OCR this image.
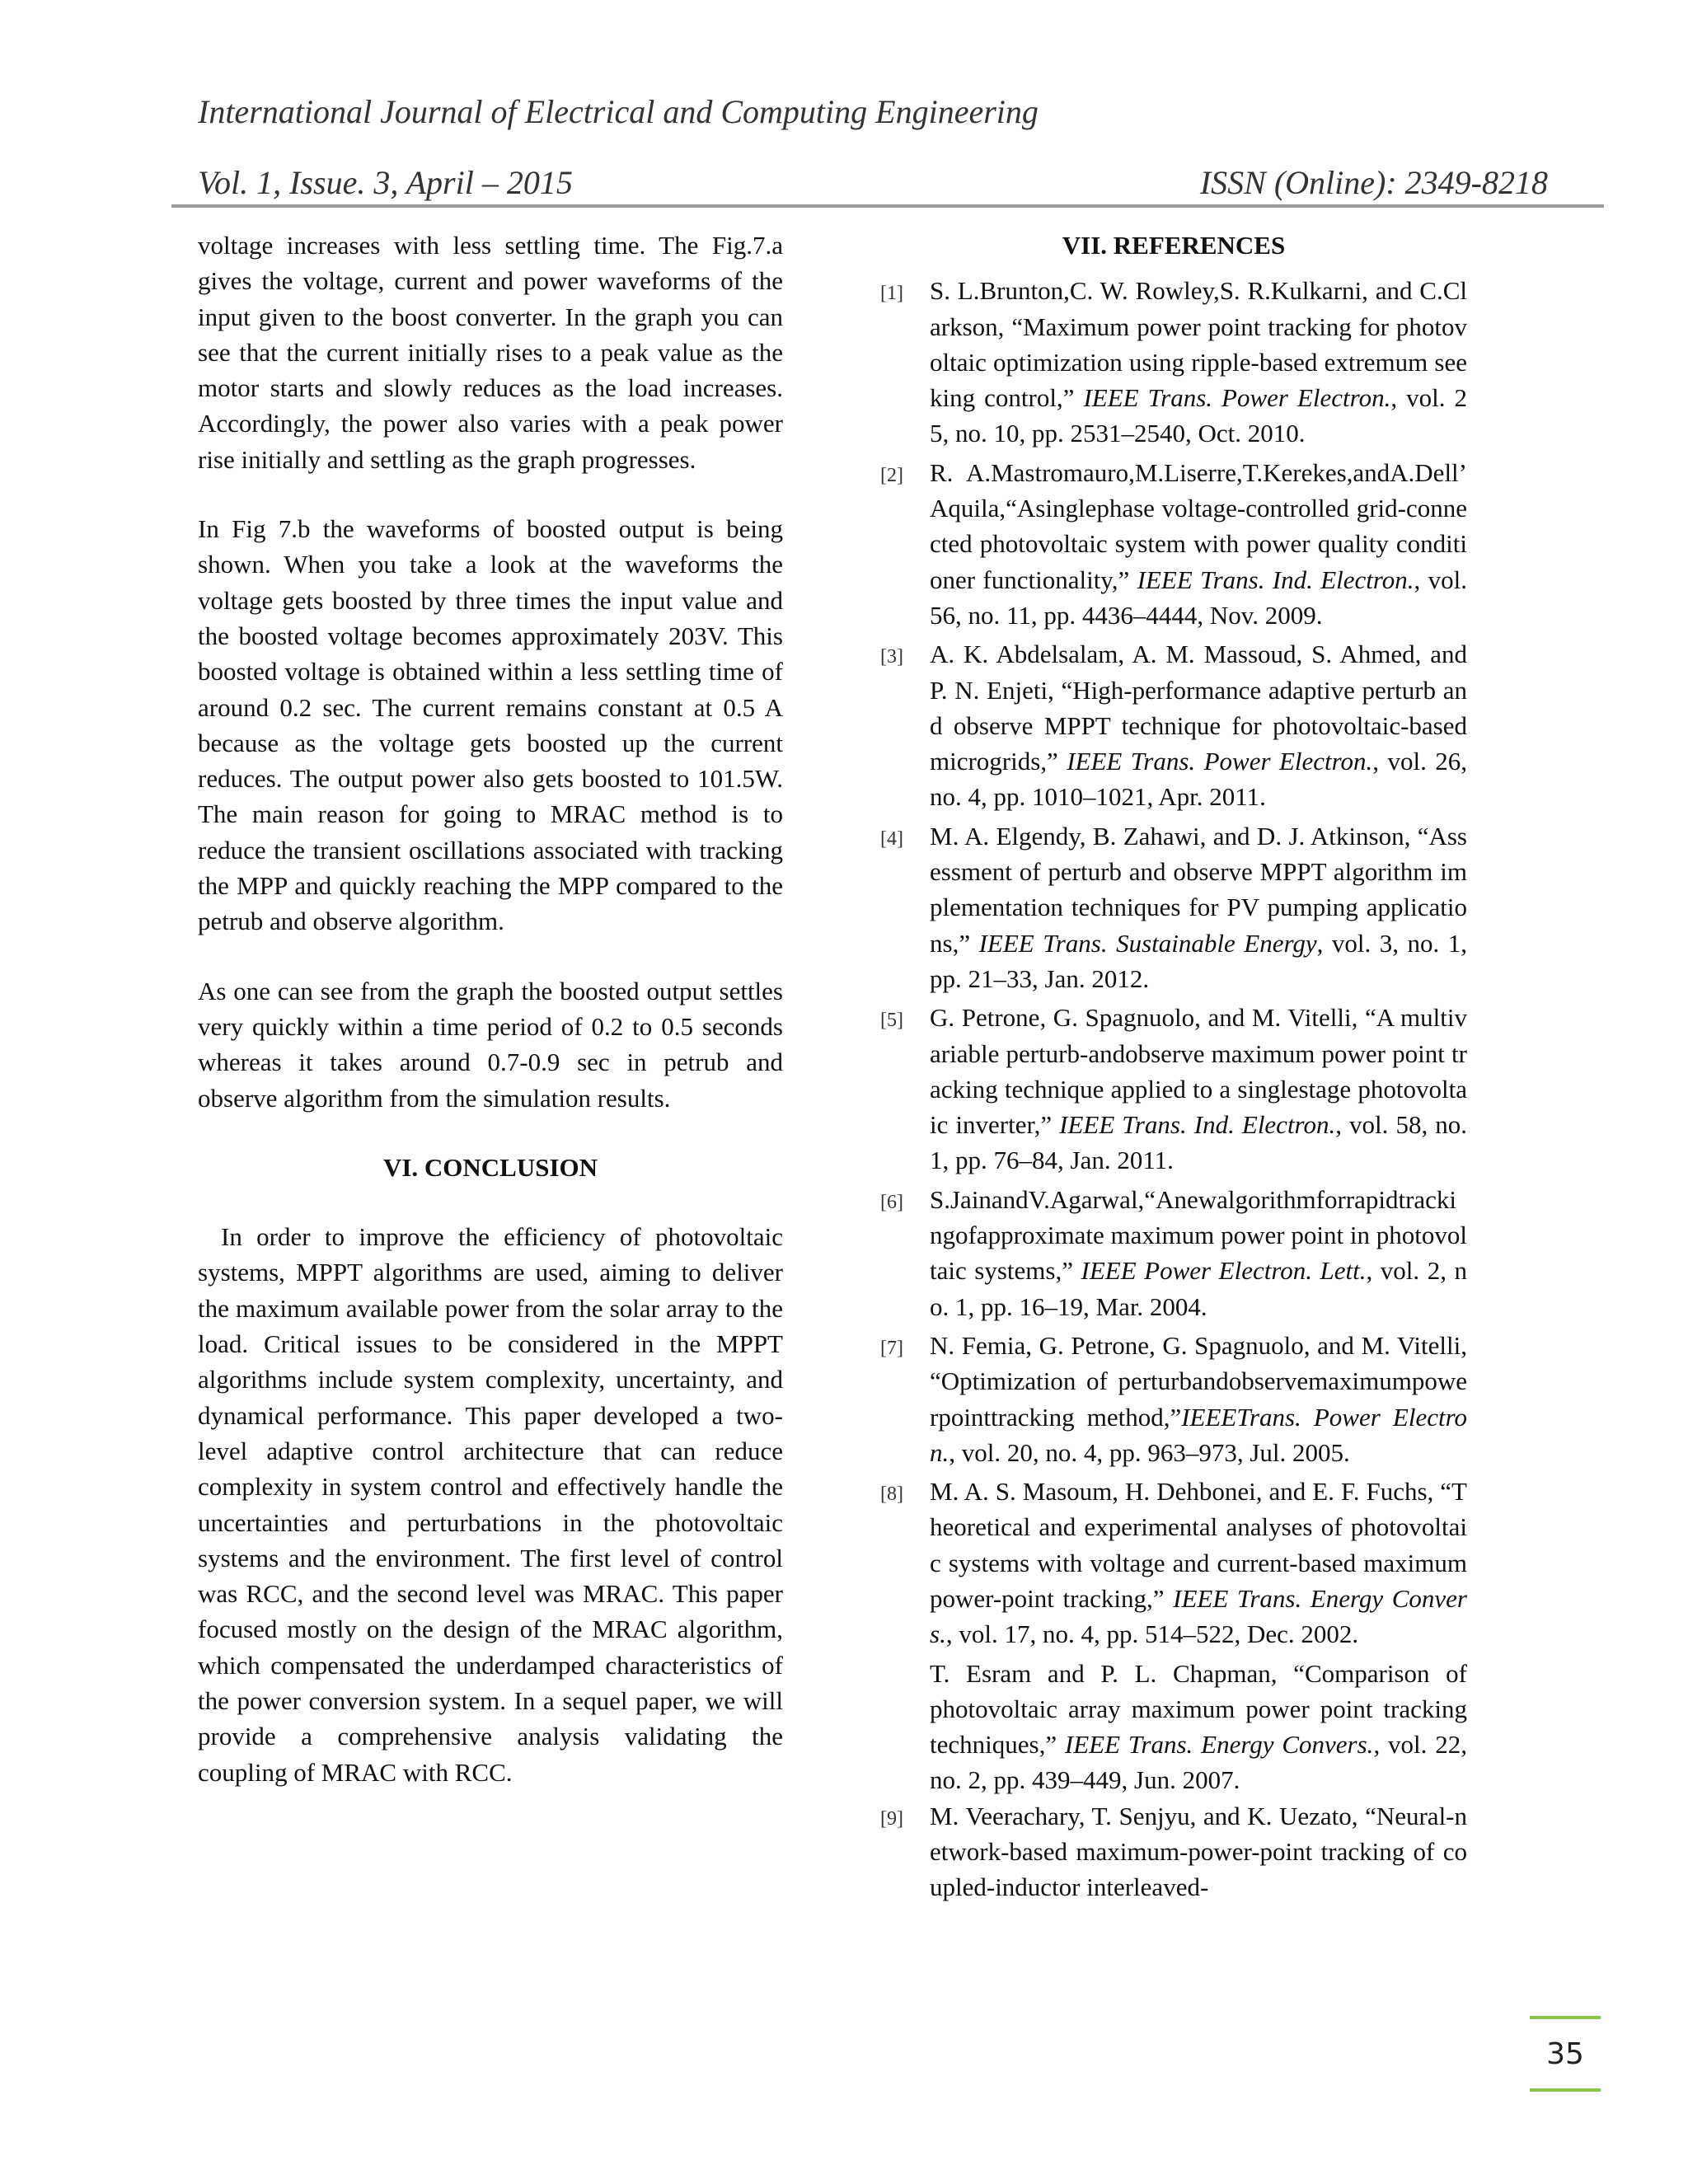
International Journal of Electrical and Computing Engineering
Vol. 1, Issue. 3, April – 2015	ISSN (Online): 2349-8218

voltage increases with less settling time. The Fig.7.a gives the voltage, current and power waveforms of the input given to the boost converter. In the graph you can see that the current initially rises to a peak value as the motor starts and slowly reduces as the load increases. Accordingly, the power also varies with a peak power rise initially and settling as the graph progresses.

In Fig 7.b the waveforms of boosted output is being shown. When you take a look at the waveforms the voltage gets boosted by three times the input value and the boosted voltage becomes approximately 203V. This boosted voltage is obtained within a less settling time of around 0.2 sec. The current remains constant at 0.5 A because as the voltage gets boosted up the current reduces. The output power also gets boosted to 101.5W. The main reason for going to MRAC method is to reduce the transient oscillations associated with tracking the MPP and quickly reaching the MPP compared to the petrub and observe algorithm.

As one can see from the graph the boosted output settles very quickly within a time period of 0.2 to 0.5 seconds whereas it takes around 0.7-0.9 sec in petrub and observe algorithm from the simulation results.

VI. CONCLUSION

In order to improve the efficiency of photovoltaic systems, MPPT algorithms are used, aiming to deliver the maximum available power from the solar array to the load. Critical issues to be considered in the MPPT algorithms include system complexity, uncertainty, and dynamical performance. This paper developed a two-level adaptive control architecture that can reduce complexity in system control and effectively handle the uncertainties and perturbations in the photovoltaic systems and the environment. The first level of control was RCC, and the second level was MRAC. This paper focused mostly on the design of the MRAC algorithm, which compensated the underdamped characteristics of the power conversion system. In a sequel paper, we will provide a comprehensive analysis validating the coupling of MRAC with RCC.

VII. REFERENCES
[1]	S. L.Brunton,C. W. Rowley,S. R.Kulkarni, and C.Clarkson, “Maximum power point tracking for photovoltaic optimization using ripple-based extremum seeking control,” IEEE Trans. Power Electron., vol. 25, no. 10, pp. 2531–2540, Oct. 2010.
[2]	R. A.Mastromauro,M.Liserre,T.Kerekes,andA.Dell’ Aquila,“Asinglephase voltage-controlled grid-connected photovoltaic system with power quality conditioner functionality,” IEEE Trans. Ind. Electron., vol. 56, no. 11, pp. 4436–4444, Nov. 2009.
[3]	A. K. Abdelsalam, A. M. Massoud, S. Ahmed, and P. N. Enjeti, “High-performance adaptive perturb and observe MPPT technique for photovoltaic-based microgrids,” IEEE Trans. Power Electron., vol. 26, no. 4, pp. 1010–1021, Apr. 2011.
[4]	M. A. Elgendy, B. Zahawi, and D. J. Atkinson, “Assessment of perturb and observe MPPT algorithm implementation techniques for PV pumping applications,” IEEE Trans. Sustainable Energy, vol. 3, no. 1, pp. 21–33, Jan. 2012.
[5]	G. Petrone, G. Spagnuolo, and M. Vitelli, “A multivariable perturb-andobserve maximum power point tracking technique applied to a singlestage photovoltaic inverter,” IEEE Trans. Ind. Electron., vol. 58, no. 1, pp. 76–84, Jan. 2011.
[6]	S.JainandV.Agarwal,“Anewalgorithmforrapidtrackingofapproximate maximum power point in photovoltaic systems,” IEEE Power Electron. Lett., vol. 2, no. 1, pp. 16–19, Mar. 2004.
[7]	N. Femia, G. Petrone, G. Spagnuolo, and M. Vitelli, “Optimization of perturbandobservemaximumpowerpointtracking method,”IEEETrans. Power Electron., vol. 20, no. 4, pp. 963–973, Jul. 2005.
[8]	M. A. S. Masoum, H. Dehbonei, and E. F. Fuchs, “Theoretical and experimental analyses of photovoltaic systems with voltage and current-based maximum power-point tracking,” IEEE Trans. Energy Convers., vol. 17, no. 4, pp. 514–522, Dec. 2002.
T. Esram and P. L. Chapman, “Comparison of photovoltaic array maximum power point tracking techniques,” IEEE Trans. Energy Convers., vol. 22, no. 2, pp. 439–449, Jun. 2007.
[9]	M. Veerachary, T. Senjyu, and K. Uezato, “Neural-network-based maximum-power-point tracking of coupled-inductor interleaved-
35
